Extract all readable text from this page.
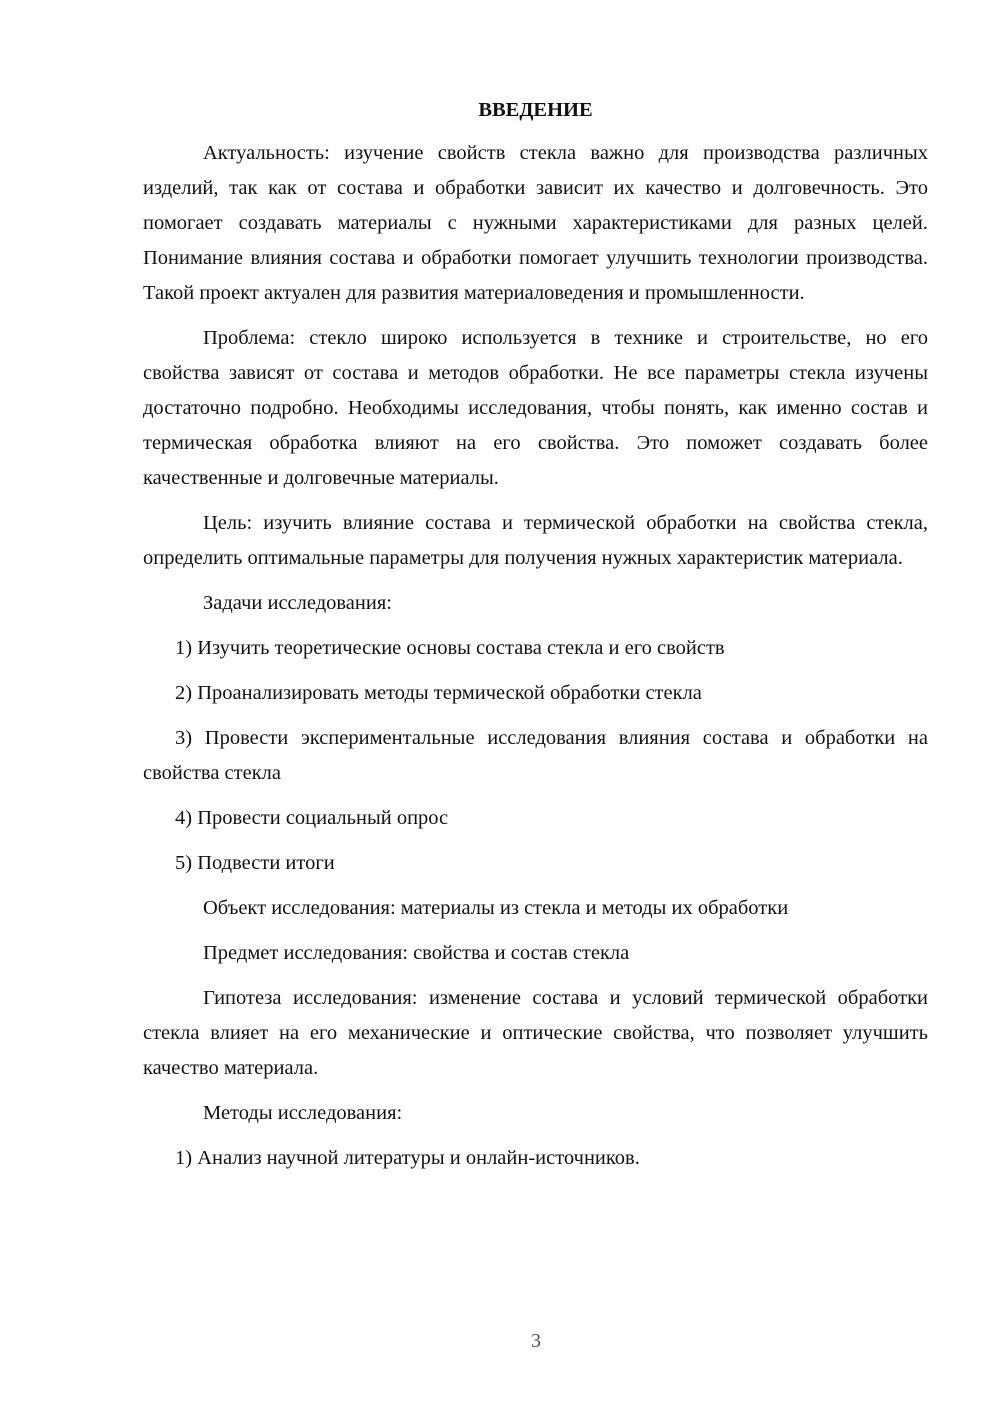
ВВЕДЕНИЕ

Актуальность: изучение свойств стекла важно для производства различных изделий, так как от состава и обработки зависит их качество и долговечность. Это помогает создавать материалы с нужными характеристиками для разных целей. Понимание влияния состава и обработки помогает улучшить технологии производства. Такой проект актуален для развития материаловедения и промышленности.

Проблема: стекло широко используется в технике и строительстве, но его свойства зависят от состава и методов обработки. Не все параметры стекла изучены достаточно подробно. Необходимы исследования, чтобы понять, как именно состав и термическая обработка влияют на его свойства. Это поможет создавать более качественные и долговечные материалы.

Цель: изучить влияние состава и термической обработки на свойства стекла, определить оптимальные параметры для получения нужных характеристик материала.

Задачи исследования:

1) Изучить теоретические основы состава стекла и его свойств

2) Проанализировать методы термической обработки стекла

3) Провести экспериментальные исследования влияния состава и обработки на свойства стекла

4) Провести социальный опрос

5) Подвести итоги

Объект исследования: материалы из стекла и методы их обработки

Предмет исследования: свойства и состав стекла

Гипотеза исследования: изменение состава и условий термической обработки стекла влияет на его механические и оптические свойства, что позволяет улучшить качество материала.

Методы исследования:

1) Анализ научной литературы и онлайн-источников.

3
